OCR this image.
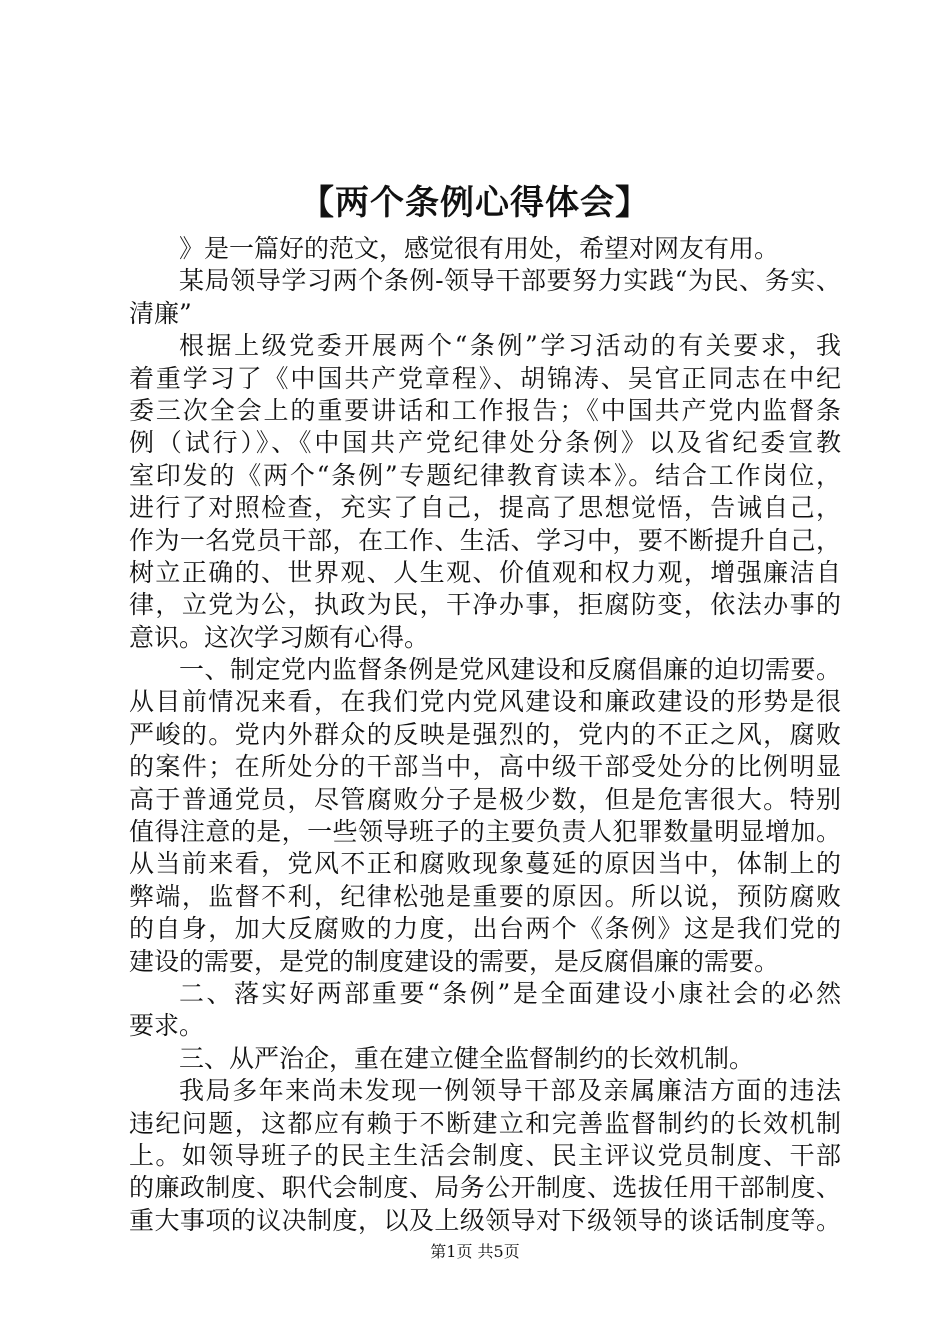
【两个条例心得体会】
》是一篇好的范文，感觉很有用处，希望对网友有用。
某局领导学习两个条例-领导干部要努力实践“为民、务实、
清廉”
根据上级党委开展两个“条例”学习活动的有关要求，我
着重学习了《中国共产党章程》、胡锦涛、吴官正同志在中纪
委三次全会上的重要讲话和工作报告；《中国共产党内监督条
例（试行）》、《中国共产党纪律处分条例》以及省纪委宣教
室印发的《两个“条例”专题纪律教育读本》。结合工作岗位，
进行了对照检查，充实了自己，提高了思想觉悟，告诫自己，
作为一名党员干部，在工作、生活、学习中，要不断提升自己，
树立正确的、世界观、人生观、价值观和权力观，增强廉洁自
律，立党为公，执政为民，干净办事，拒腐防变，依法办事的
意识。这次学习颇有心得。
一、制定党内监督条例是党风建设和反腐倡廉的迫切需要。
从目前情况来看，在我们党内党风建设和廉政建设的形势是很
严峻的。党内外群众的反映是强烈的，党内的不正之风，腐败
的案件；在所处分的干部当中，高中级干部受处分的比例明显
高于普通党员，尽管腐败分子是极少数，但是危害很大。特别
值得注意的是，一些领导班子的主要负责人犯罪数量明显增加。
从当前来看，党风不正和腐败现象蔓延的原因当中，体制上的
弊端，监督不利，纪律松弛是重要的原因。所以说，预防腐败
的自身，加大反腐败的力度，出台两个《条例》这是我们党的
建设的需要，是党的制度建设的需要，是反腐倡廉的需要。
二、落实好两部重要“条例”是全面建设小康社会的必然
要求。
三、从严治企，重在建立健全监督制约的长效机制。
我局多年来尚未发现一例领导干部及亲属廉洁方面的违法
违纪问题，这都应有赖于不断建立和完善监督制约的长效机制
上。如领导班子的民主生活会制度、民主评议党员制度、干部
的廉政制度、职代会制度、局务公开制度、选拔任用干部制度、
重大事项的议决制度，以及上级领导对下级领导的谈话制度等。
第1页 共5页
